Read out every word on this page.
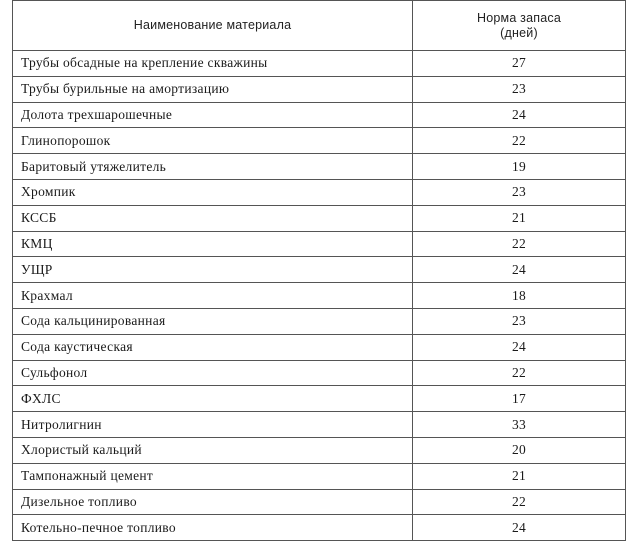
Наименование материала	Норма запаса
(дней)

Трубы обсадные на крепление скважины	27
Трубы бурильные на амортизацию	23
Долота трехшарошечные	24
Глинопорошок	22
Баритовый утяжелитель	19
Хромпик	23
КССБ	21
КМЦ	22
УЩР	24
Крахмал	18
Сода кальцинированная	23
Сода каустическая	24
Сульфонол	22
ФХЛС	17
Нитролигнин	33
Хлористый кальций	20
Тампонажный цемент	21
Дизельное топливо	22
Котельно-печное топливо	24
